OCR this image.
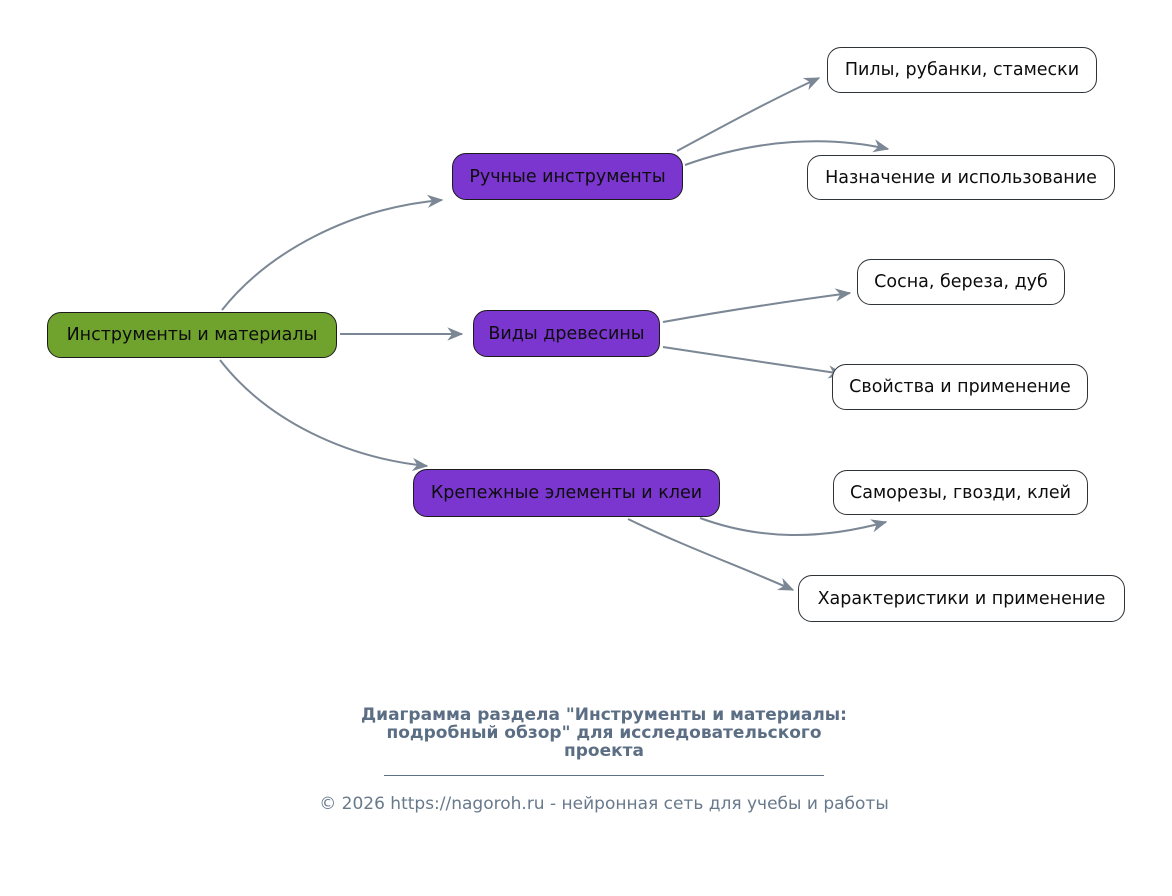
Инструменты и материалы
Ручные инструменты
Виды древесины
Крепежные элементы и клеи
Пилы, рубанки, стамески
Назначение и использование
Сосна, береза, дуб
Свойства и применение
Саморезы, гвозди, клей
Характеристики и применение
Диаграмма раздела "Инструменты и материалы:
подробный обзор" для исследовательского
проекта
© 2026 https://nagoroh.ru - нейронная сеть для учебы и работы
